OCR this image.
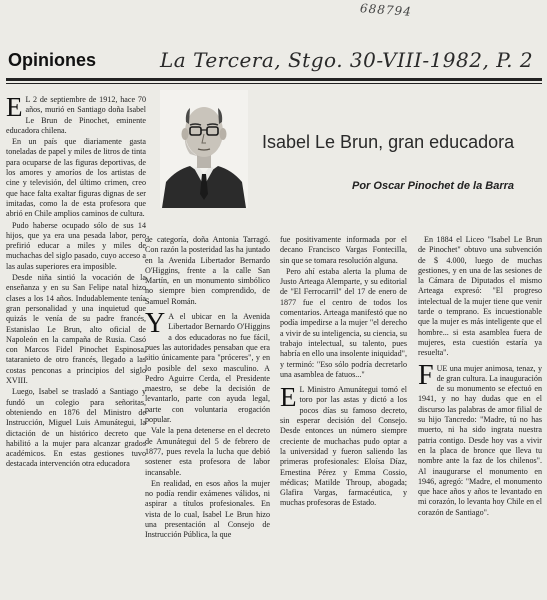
688794
Opiniones	La Tercera, Stgo. 30-VIII-1982, P. 2
Isabel Le Brun, gran educadora
Por Oscar Pinochet de la Barra
E L 2 de septiembre de 1912, hace 70 años, murió en Santiago doña Isabel Le Brun de Pinochet, eminente educadora chilena.

En un país que diariamente gasta toneladas de papel y miles de litros de tinta para ocuparse de las figuras deportivas, de los amores y amoríos de los artistas de cine y televisión, del último crimen, creo que hace falta exaltar figuras dignas de ser imitadas, como la de esta profesora que abrió en Chile amplios caminos de cultura.

Pudo haberse ocupado sólo de sus 14 hijos, que ya era una pesada labor, pero prefirió educar a miles y miles de muchachas del siglo pasado, cuyo acceso a las aulas superiores era imposible.

Desde niña sintió la vocación de la enseñanza y en su San Felipe natal hizo clases a los 14 años. Indudablemente tenía gran personalidad y una inquietud que quizás le venía de su padre francés, Estanislao Le Brun, alto oficial de Napoleón en la campaña de Rusia. Casó con Marcos Fidel Pinochet Espinosa, tataranieto de otro francés, llegado a las costas penconas a principios del siglo XVIII.

Luego, Isabel se trasladó a Santiago y fundó un colegio para señoritas, obteniendo en 1876 del Ministro de Instrucción, Miguel Luis Amunátegui, la dictación de un histórico decreto que habilitó a la mujer para alcanzar grados académicos. En estas gestiones tuvo destacada intervención otra educadora

de categoría, doña Antonia Tarragó. Con razón la posteridad las ha juntado en la Avenida Libertador Bernardo O'Higgins, frente a la calle San Martín, en un monumento simbólico no siempre bien comprendido, de Samuel Román.

Y A el ubicar en la Avenida Libertador Bernardo O'Higgins a dos educadoras no fue fácil, pues las autoridades pensaban que era sitio únicamente para "próceres", y en lo posible del sexo masculino. A Pedro Aguirre Cerda, el Presidente maestro, se debe la decisión de levantarlo, parte con ayuda legal, parte con voluntaria erogación popular.

Vale la pena detenerse en el decreto de Amunátegui del 5 de febrero de 1877, pues revela la lucha que debió sostener esta profesora de labor incansable.

En realidad, en esos años la mujer no podía rendir exámenes válidos, ni aspirar a títulos profesionales. En vista de lo cual, Isabel Le Brun hizo una presentación al Consejo de Instrucción Pública, la que

fue positivamente informada por el decano Francisco Vargas Fontecilla, sin que se tomara resolución alguna.

Pero ahí estaba alerta la pluma de Justo Arteaga Alemparte, y su editorial de "El Ferrocarril" del 17 de enero de 1877 fue el centro de todos los comentarios. Arteaga manifestó que no podía impedirse a la mujer "el derecho a vivir de su inteligencia, su ciencia, su trabajo intelectual, su talento, pues habría en ello una insolente iniquidad", y terminó: "Eso sólo podría decretarlo una asamblea de fatuos..."

E L Ministro Amunátegui tomó el toro por las astas y dictó a los pocos días su famoso decreto, sin esperar decisión del Consejo. Desde entonces un número siempre creciente de muchachas pudo optar a la universidad y fueron saliendo las primeras profesionales: Eloísa Díaz, Ernestina Pérez y Emma Cossio, médicas; Matilde Throup, abogada; Glafira Vargas, farmacéutica, y muchas profesoras de Estado.

En 1884 el Liceo "Isabel Le Brun de Pinochet" obtuvo una subvención de $ 4.000, luego de muchas gestiones, y en una de las sesiones de la Cámara de Diputados el mismo Arteaga expresó: "El progreso intelectual de la mujer tiene que venir tarde o temprano. Es incuestionable que la mujer es más inteligente que el hombre... si esta asamblea fuera de mujeres, esta cuestión estaría ya resuelta".

F UE una mujer animosa, tenaz, y de gran cultura. La inauguración de su monumento se efectuó en 1941, y no hay dudas que en el discurso las palabras de amor filial de su hijo Tancredo: "Madre, tú no has muerto, ni ha sido ingrata nuestra patria contigo. Desde hoy vas a vivir en la placa de bronce que lleva tu nombre ante la faz de los chilenos". Al inaugurarse el monumento en 1946, agregó: "Madre, el monumento que hace años y años te levantado en mi corazón, lo levanta hoy Chile en el corazón de Santiago".
